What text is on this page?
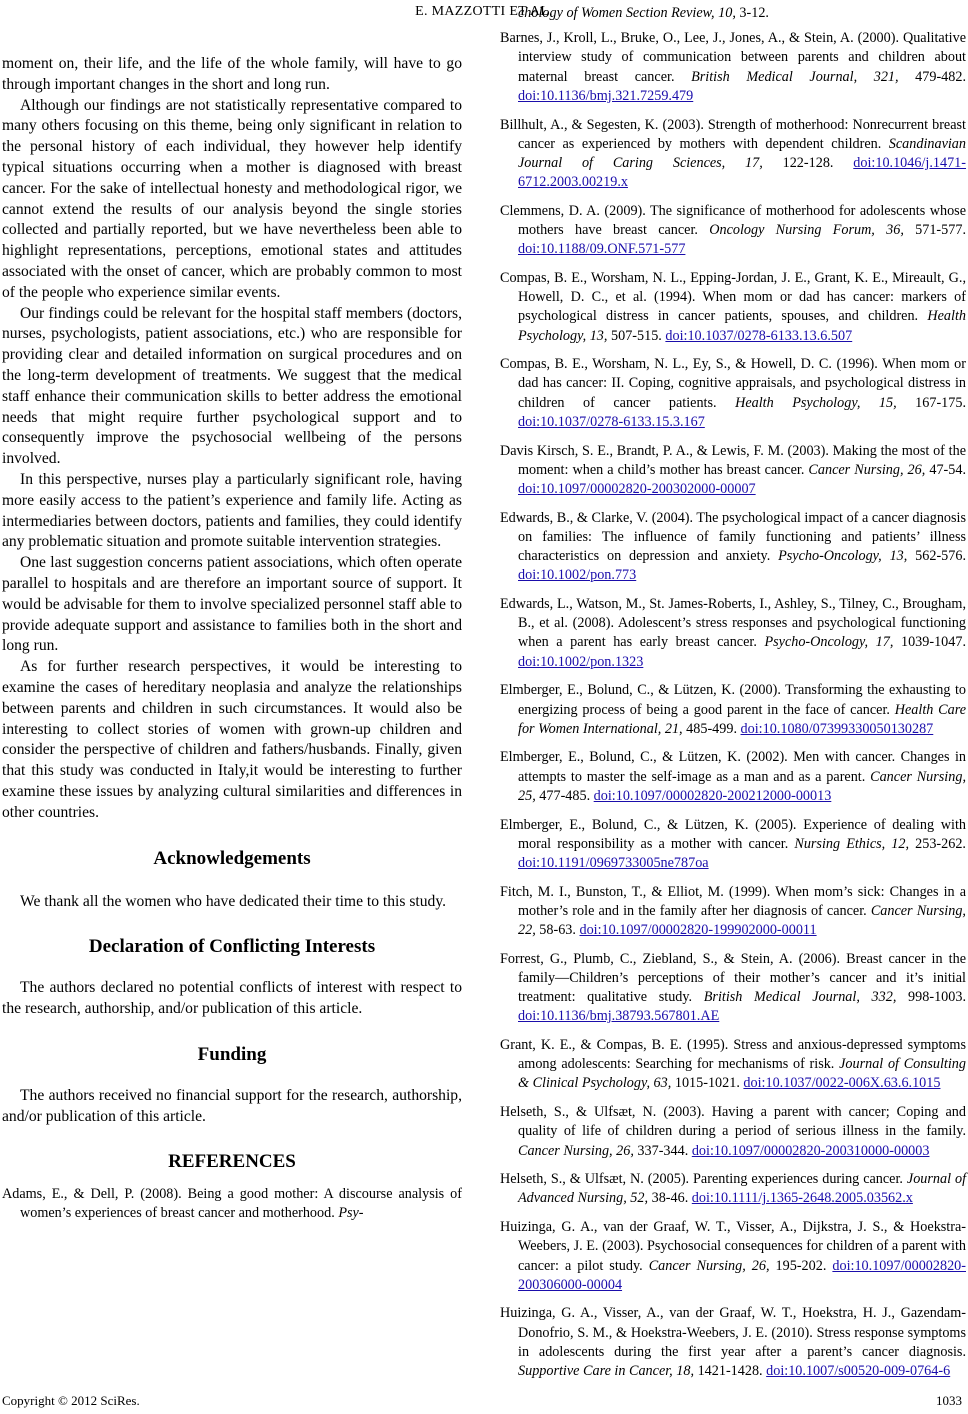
E. MAZZOTTI ET AL.

moment on, their life, and the life of the whole family, will have to go through important changes in the short and long run.

Although our findings are not statistically representative compared to many others focusing on this theme, being only significant in relation to the personal history of each individual, they however help identify typical situations occurring when a mother is diagnosed with breast cancer. For the sake of intellectual honesty and methodological rigor, we cannot extend the results of our analysis beyond the single stories collected and partially reported, but we have nevertheless been able to highlight representations, perceptions, emotional states and attitudes associated with the onset of cancer, which are probably common to most of the people who experience similar events.

Our findings could be relevant for the hospital staff members (doctors, nurses, psychologists, patient associations, etc.) who are responsible for providing clear and detailed information on surgical procedures and on the long-term development of treatments. We suggest that the medical staff enhance their communication skills to better address the emotional needs that might require further psychological support and to consequently improve the psychosocial wellbeing of the persons involved.

In this perspective, nurses play a particularly significant role, having more easily access to the patient’s experience and family life. Acting as intermediaries between doctors, patients and families, they could identify any problematic situation and promote suitable intervention strategies.

One last suggestion concerns patient associations, which often operate parallel to hospitals and are therefore an important source of support. It would be advisable for them to involve specialized personnel staff able to provide adequate support and assistance to families both in the short and long run.

As for further research perspectives, it would be interesting to examine the cases of hereditary neoplasia and analyze the relationships between parents and children in such circumstances. It would also be interesting to collect stories of women with grown-up children and consider the perspective of children and fathers/husbands. Finally, given that this study was conducted in Italy,it would be interesting to further examine these issues by analyzing cultural similarities and differences in other countries.

Acknowledgements

We thank all the women who have dedicated their time to this study.

Declaration of Conflicting Interests

The authors declared no potential conflicts of interest with respect to the research, authorship, and/or publication of this article.

Funding

The authors received no financial support for the research, authorship, and/or publication of this article.

REFERENCES

Adams, E., & Dell, P. (2008). Being a good mother: A discourse analysis of women’s experiences of breast cancer and motherhood. Psy-

chology of Women Section Review, 10, 3-12.

Barnes, J., Kroll, L., Bruke, O., Lee, J., Jones, A., & Stein, A. (2000). Qualitative interview study of communication between parents and children about maternal breast cancer. British Medical Journal, 321, 479-482. doi:10.1136/bmj.321.7259.479

Billhult, A., & Segesten, K. (2003). Strength of motherhood: Nonrecurrent breast cancer as experienced by mothers with dependent children. Scandinavian Journal of Caring Sciences, 17, 122-128. doi:10.1046/j.1471-6712.2003.00219.x

Clemmens, D. A. (2009). The significance of motherhood for adolescents whose mothers have breast cancer. Oncology Nursing Forum, 36, 571-577. doi:10.1188/09.ONF.571-577

Compas, B. E., Worsham, N. L., Epping-Jordan, J. E., Grant, K. E., Mireault, G., Howell, D. C., et al. (1994). When mom or dad has cancer: markers of psychological distress in cancer patients, spouses, and children. Health Psychology, 13, 507-515. doi:10.1037/0278-6133.13.6.507

Compas, B. E., Worsham, N. L., Ey, S., & Howell, D. C. (1996). When mom or dad has cancer: II. Coping, cognitive appraisals, and psychological distress in children of cancer patients. Health Psychology, 15, 167-175. doi:10.1037/0278-6133.15.3.167

Davis Kirsch, S. E., Brandt, P. A., & Lewis, F. M. (2003). Making the most of the moment: when a child’s mother has breast cancer. Cancer Nursing, 26, 47-54. doi:10.1097/00002820-200302000-00007

Edwards, B., & Clarke, V. (2004). The psychological impact of a cancer diagnosis on families: The influence of family functioning and patients’ illness characteristics on depression and anxiety. Psycho-Oncology, 13, 562-576. doi:10.1002/pon.773

Edwards, L., Watson, M., St. James-Roberts, I., Ashley, S., Tilney, C., Brougham, B., et al. (2008). Adolescent’s stress responses and psychological functioning when a parent has early breast cancer. Psycho-Oncology, 17, 1039-1047. doi:10.1002/pon.1323

Elmberger, E., Bolund, C., & Lützen, K. (2000). Transforming the exhausting to energizing process of being a good parent in the face of cancer. Health Care for Women International, 21, 485-499. doi:10.1080/07399330050130287

Elmberger, E., Bolund, C., & Lützen, K. (2002). Men with cancer. Changes in attempts to master the self-image as a man and as a parent. Cancer Nursing, 25, 477-485. doi:10.1097/00002820-200212000-00013

Elmberger, E., Bolund, C., & Lützen, K. (2005). Experience of dealing with moral responsibility as a mother with cancer. Nursing Ethics, 12, 253-262. doi:10.1191/0969733005ne787oa

Fitch, M. I., Bunston, T., & Elliot, M. (1999). When mom’s sick: Changes in a mother’s role and in the family after her diagnosis of cancer. Cancer Nursing, 22, 58-63. doi:10.1097/00002820-199902000-00011

Forrest, G., Plumb, C., Ziebland, S., & Stein, A. (2006). Breast cancer in the family—Children’s perceptions of their mother’s cancer and it’s initial treatment: qualitative study. British Medical Journal, 332, 998-1003. doi:10.1136/bmj.38793.567801.AE

Grant, K. E., & Compas, B. E. (1995). Stress and anxious-depressed symptoms among adolescents: Searching for mechanisms of risk. Journal of Consulting & Clinical Psychology, 63, 1015-1021. doi:10.1037/0022-006X.63.6.1015

Helseth, S., & Ulfsæt, N. (2003). Having a parent with cancer; Coping and quality of life of children during a period of serious illness in the family. Cancer Nursing, 26, 337-344. doi:10.1097/00002820-200310000-00003

Helseth, S., & Ulfsæt, N. (2005). Parenting experiences during cancer. Journal of Advanced Nursing, 52, 38-46. doi:10.1111/j.1365-2648.2005.03562.x

Huizinga, G. A., van der Graaf, W. T., Visser, A., Dijkstra, J. S., & Hoekstra-Weebers, J. E. (2003). Psychosocial consequences for children of a parent with cancer: a pilot study. Cancer Nursing, 26, 195-202. doi:10.1097/00002820-200306000-00004

Huizinga, G. A., Visser, A., van der Graaf, W. T., Hoekstra, H. J., Gazendam-Donofrio, S. M., & Hoekstra-Weebers, J. E. (2010). Stress response symptoms in adolescents during the first year after a parent’s cancer diagnosis. Supportive Care in Cancer, 18, 1421-1428. doi:10.1007/s00520-009-0764-6

Copyright © 2012 SciRes.	1033
